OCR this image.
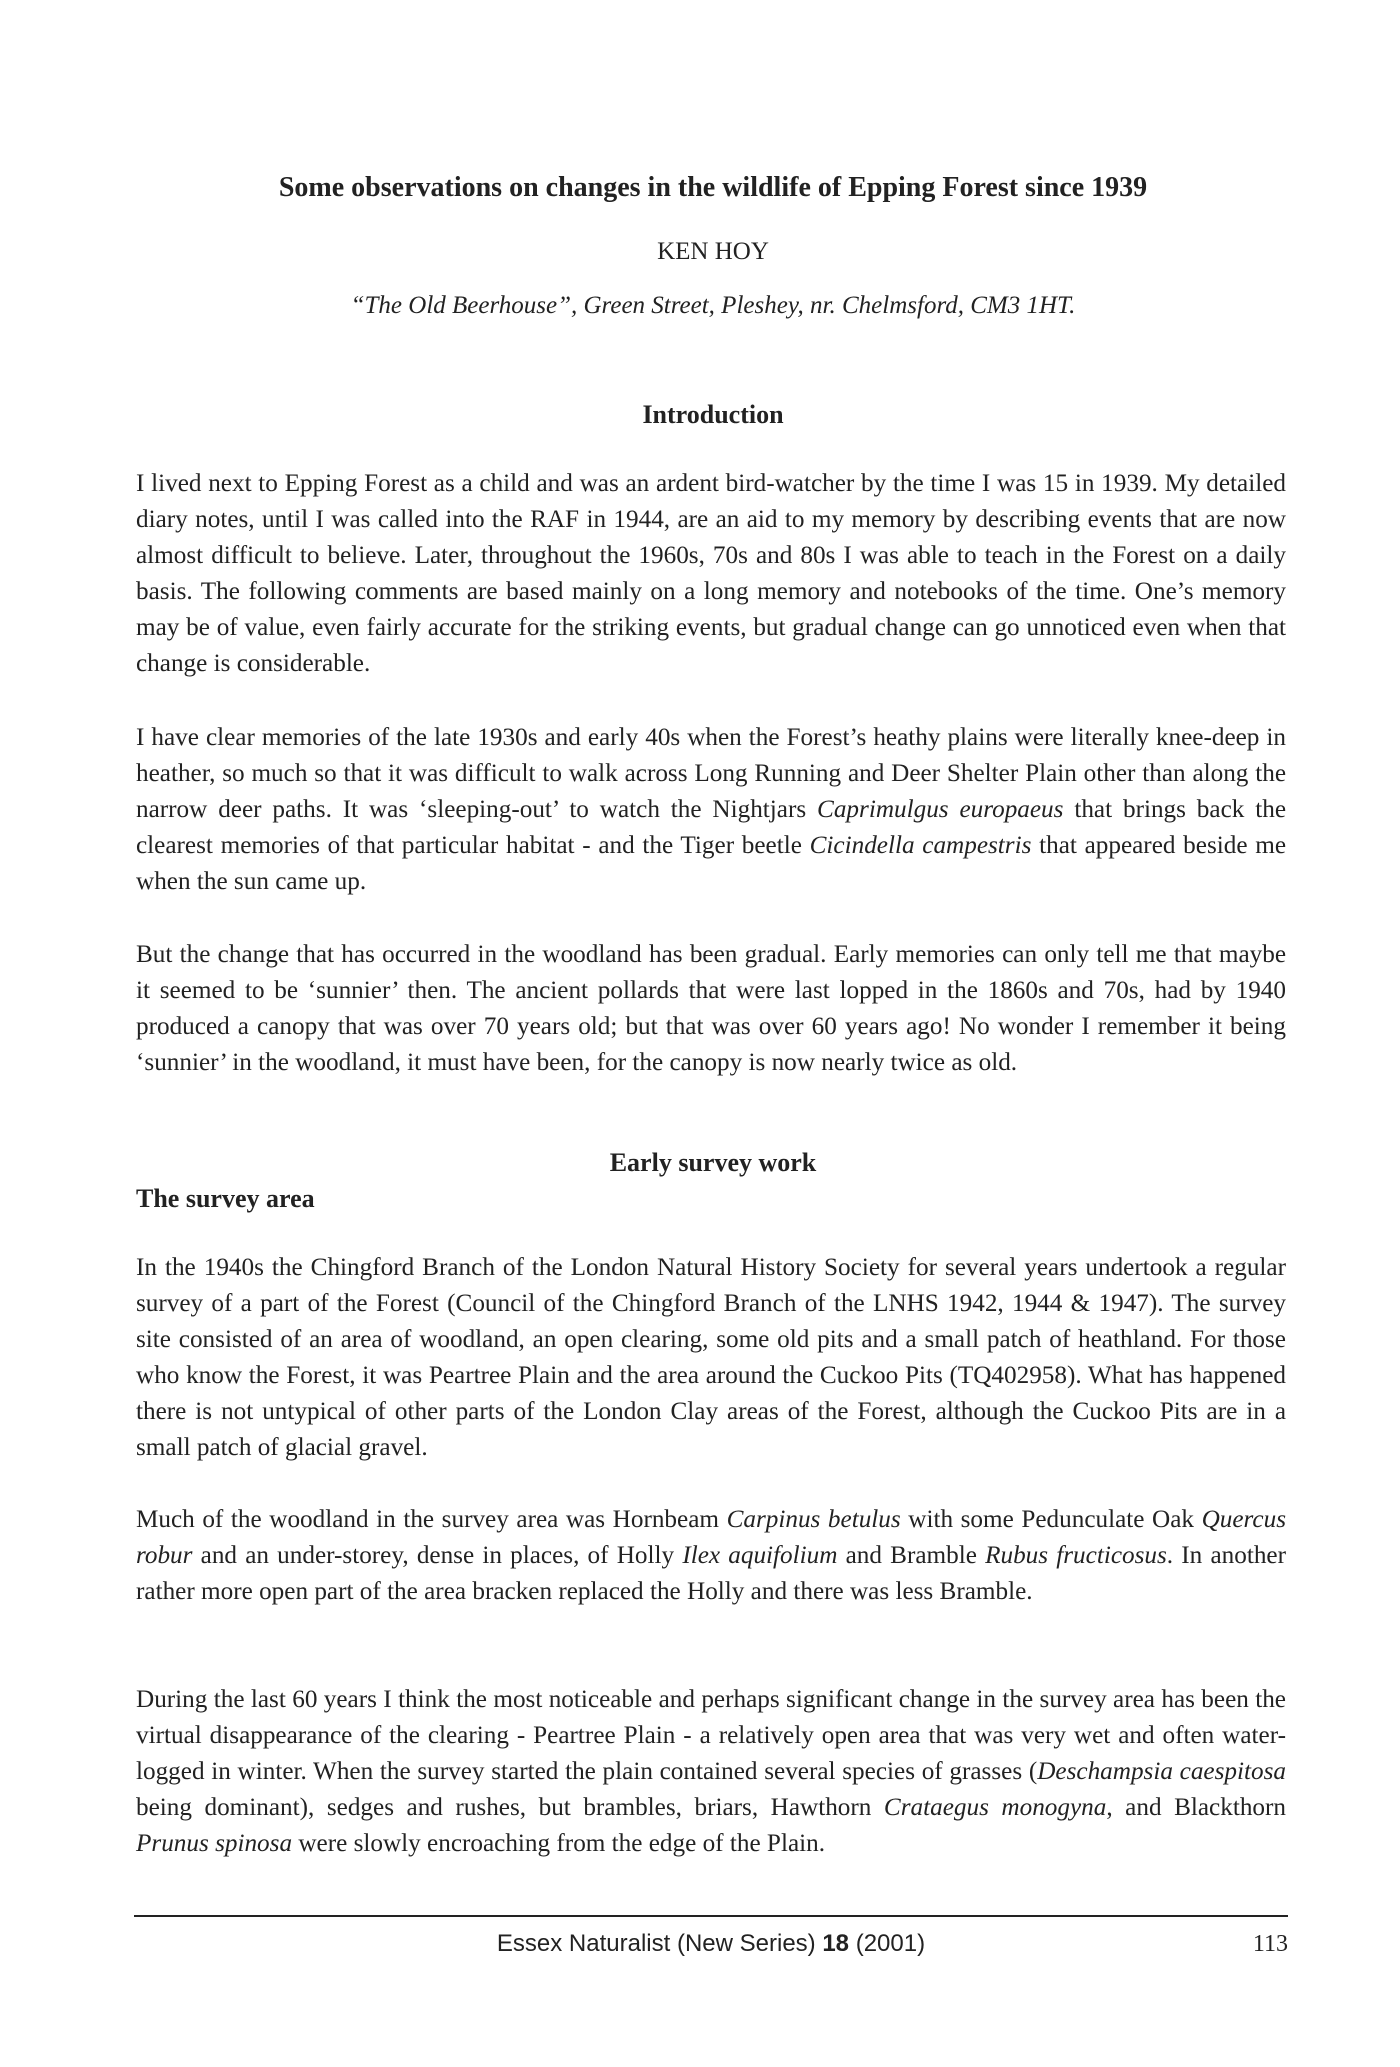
Some observations on changes in the wildlife of Epping Forest since 1939
KEN HOY
“The Old Beerhouse”, Green Street, Pleshey, nr. Chelmsford, CM3 1HT.
Introduction

I lived next to Epping Forest as a child and was an ardent bird-watcher by the time I was 15 in 1939. My detailed diary notes, until I was called into the RAF in 1944, are an aid to my memory by describing events that are now almost difficult to believe. Later, throughout the 1960s, 70s and 80s I was able to teach in the Forest on a daily basis. The following comments are based mainly on a long memory and notebooks of the time. One’s memory may be of value, even fairly accurate for the striking events, but gradual change can go unnoticed even when that change is considerable.

I have clear memories of the late 1930s and early 40s when the Forest’s heathy plains were literally knee-deep in heather, so much so that it was difficult to walk across Long Running and Deer Shelter Plain other than along the narrow deer paths. It was ‘sleeping-out’ to watch the Nightjars Caprimulgus europaeus that brings back the clearest memories of that particular habitat - and the Tiger beetle Cicindella campestris that appeared beside me when the sun came up.

But the change that has occurred in the woodland has been gradual. Early memories can only tell me that maybe it seemed to be ‘sunnier’ then. The ancient pollards that were last lopped in the 1860s and 70s, had by 1940 produced a canopy that was over 70 years old; but that was over 60 years ago! No wonder I remember it being ‘sunnier’ in the woodland, it must have been, for the canopy is now nearly twice as old.

Early survey work
The survey area

In the 1940s the Chingford Branch of the London Natural History Society for several years undertook a regular survey of a part of the Forest (Council of the Chingford Branch of the LNHS 1942, 1944 & 1947). The survey site consisted of an area of woodland, an open clearing, some old pits and a small patch of heathland. For those who know the Forest, it was Peartree Plain and the area around the Cuckoo Pits (TQ402958). What has happened there is not untypical of other parts of the London Clay areas of the Forest, although the Cuckoo Pits are in a small patch of glacial gravel.

Much of the woodland in the survey area was Hornbeam Carpinus betulus with some Pedunculate Oak Quercus robur and an under-storey, dense in places, of Holly Ilex aquifolium and Bramble Rubus fructicosus. In another rather more open part of the area bracken replaced the Holly and there was less Bramble.

During the last 60 years I think the most noticeable and perhaps significant change in the survey area has been the virtual disappearance of the clearing - Peartree Plain - a relatively open area that was very wet and often water-logged in winter. When the survey started the plain contained several species of grasses (Deschampsia caespitosa being dominant), sedges and rushes, but brambles, briars, Hawthorn Crataegus monogyna, and Blackthorn Prunus spinosa were slowly encroaching from the edge of the Plain.

Essex Naturalist (New Series) 18 (2001)	113
